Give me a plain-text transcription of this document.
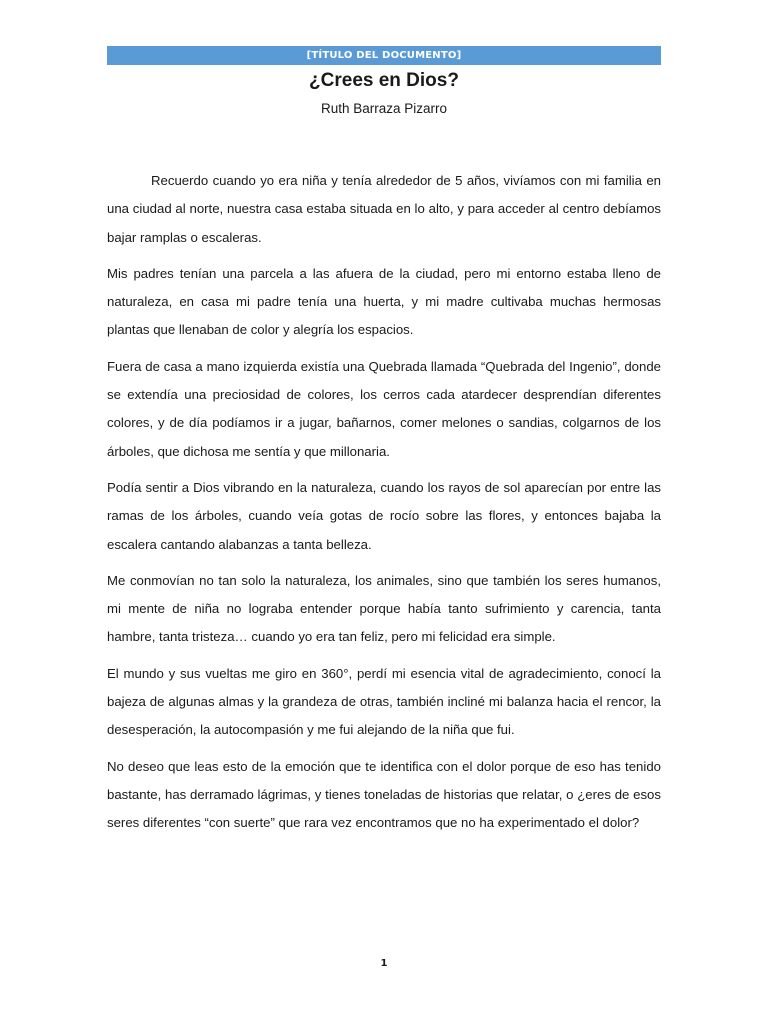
[TÍTULO DEL DOCUMENTO]
¿Crees en Dios?
Ruth Barraza Pizarro

Recuerdo cuando yo era niña y tenía alrededor de 5 años, vivíamos con mi familia en una ciudad al norte, nuestra casa estaba situada en lo alto, y para acceder al centro debíamos bajar ramplas o escaleras.

Mis padres tenían una parcela a las afuera de la ciudad, pero mi entorno estaba lleno de naturaleza, en casa mi padre tenía una huerta, y mi madre cultivaba muchas hermosas plantas que llenaban de color y alegría los espacios.

Fuera de casa a mano izquierda existía una Quebrada llamada “Quebrada del Ingenio”, donde se extendía una preciosidad de colores, los cerros cada atardecer desprendían diferentes colores, y de día podíamos ir a jugar, bañarnos, comer melones o sandias, colgarnos de los árboles, que dichosa me sentía y que millonaria.

Podía sentir a Dios vibrando en la naturaleza, cuando los rayos de sol aparecían por entre las ramas de los árboles, cuando veía gotas de rocío sobre las flores, y entonces bajaba la escalera cantando alabanzas a tanta belleza.

Me conmovían no tan solo la naturaleza, los animales, sino que también los seres humanos, mi mente de niña no lograba entender porque había tanto sufrimiento y carencia, tanta hambre, tanta tristeza… cuando yo era tan feliz, pero mi felicidad era simple.

El mundo y sus vueltas me giro en 360°, perdí mi esencia vital de agradecimiento, conocí la bajeza de algunas almas y la grandeza de otras, también incliné mi balanza hacia el rencor, la desesperación, la autocompasión y me fui alejando de la niña que fui.

No deseo que leas esto de la emoción que te identifica con el dolor porque de eso has tenido bastante, has derramado lágrimas, y tienes toneladas de historias que relatar, o ¿eres de esos seres diferentes “con suerte” que rara vez encontramos que no ha experimentado el dolor?

1
